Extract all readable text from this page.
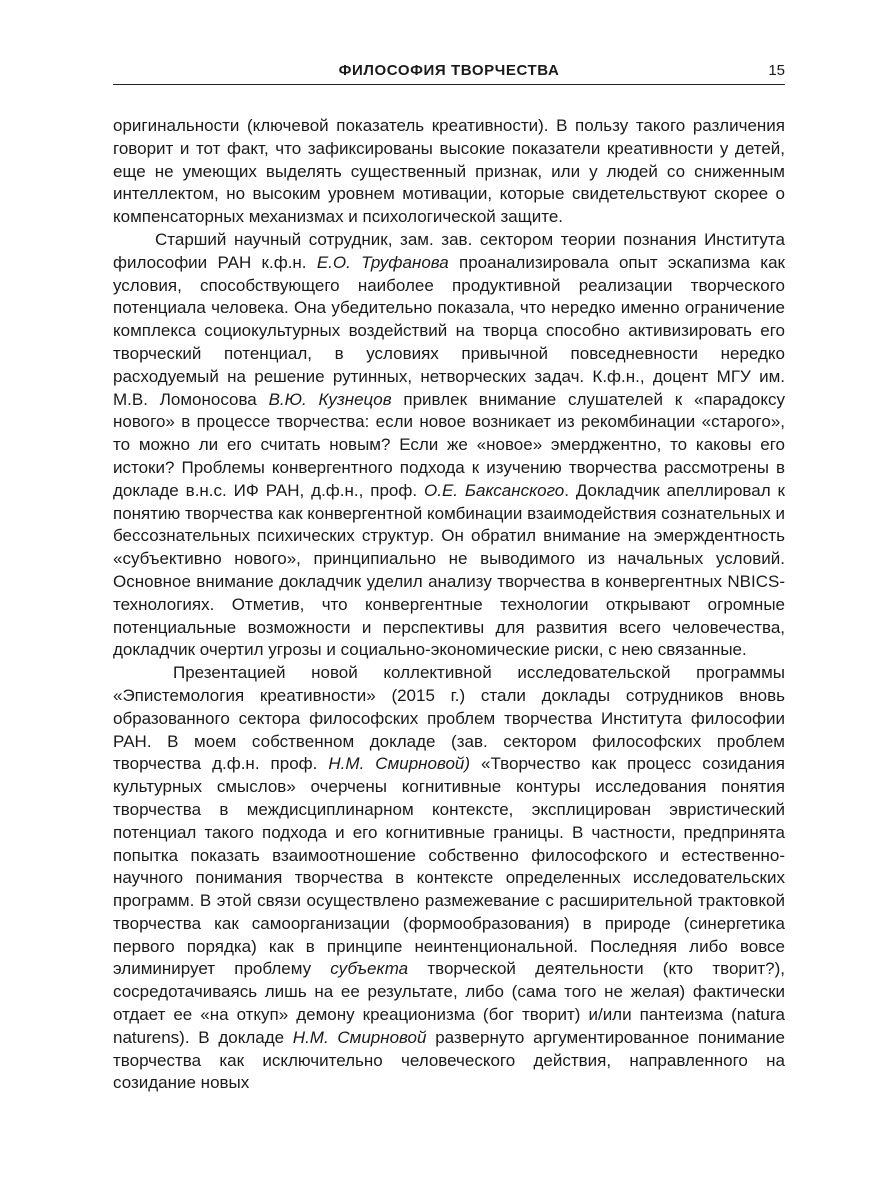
ФИЛОСОФИЯ ТВОРЧЕСТВА	15

оригинальности (ключевой показатель креативности). В пользу такого различения говорит и тот факт, что зафиксированы высокие показатели креативности у детей, еще не умеющих выделять существенный признак, или у людей со сниженным интеллектом, но высоким уровнем мотивации, которые свидетельствуют скорее о компенсаторных механизмах и психологической защите.

Старший научный сотрудник, зам. зав. сектором теории познания Института философии РАН к.ф.н. Е.О. Труфанова проанализировала опыт эскапизма как условия, способствующего наиболее продуктивной реализации творческого потенциала человека. Она убедительно показала, что нередко именно ограничение комплекса социокультурных воздействий на творца способно активизировать его творческий потенциал, в условиях привычной повседневности нередко расходуемый на решение рутинных, нетворческих задач. К.ф.н., доцент МГУ им. М.В. Ломоносова В.Ю. Кузнецов привлек внимание слушателей к «парадоксу нового» в процессе творчества: если новое возникает из рекомбинации «старого», то можно ли его считать новым? Если же «новое» эмерджентно, то каковы его истоки? Проблемы конвергентного подхода к изучению творчества рассмотрены в докладе в.н.с. ИФ РАН, д.ф.н., проф. О.Е. Баксанского. Докладчик апеллировал к понятию творчества как конвергентной комбинации взаимодействия сознательных и бессознательных психических структур. Он обратил внимание на эмерждентность «субъективно нового», принципиально не выводимого из начальных условий. Основное внимание докладчик уделил анализу творчества в конвергентных NBICS-технологиях. Отметив, что конвергентные технологии открывают огромные потенциальные возможности и перспективы для развития всего человечества, докладчик очертил угрозы и социально-экономические риски, с нею связанные.

Презентацией новой коллективной исследовательской программы «Эпистемология креативности» (2015 г.) стали доклады сотрудников вновь образованного сектора философских проблем творчества Института философии РАН. В моем собственном докладе (зав. сектором философских проблем творчества д.ф.н. проф. Н.М. Смирновой) «Творчество как процесс созидания культурных смыслов» очерчены когнитивные контуры исследования понятия творчества в междисциплинарном контексте, эксплицирован эвристический потенциал такого подхода и его когнитивные границы. В частности, предпринята попытка показать взаимоотношение собственно философского и естественно-научного понимания творчества в контексте определенных исследовательских программ. В этой связи осуществлено размежевание с расширительной трактовкой творчества как самоорганизации (формообразования) в природе (синергетика первого порядка) как в принципе неинтенциональной. Последняя либо вовсе элиминирует проблему субъекта творческой деятельности (кто творит?), сосредотачиваясь лишь на ее результате, либо (сама того не желая) фактически отдает ее «на откуп» демону креационизма (бог творит) и/или пантеизма (natura naturens). В докладе Н.М. Смирновой развернуто аргументированное понимание творчества как исключительно человеческого действия, направленного на созидание новых
